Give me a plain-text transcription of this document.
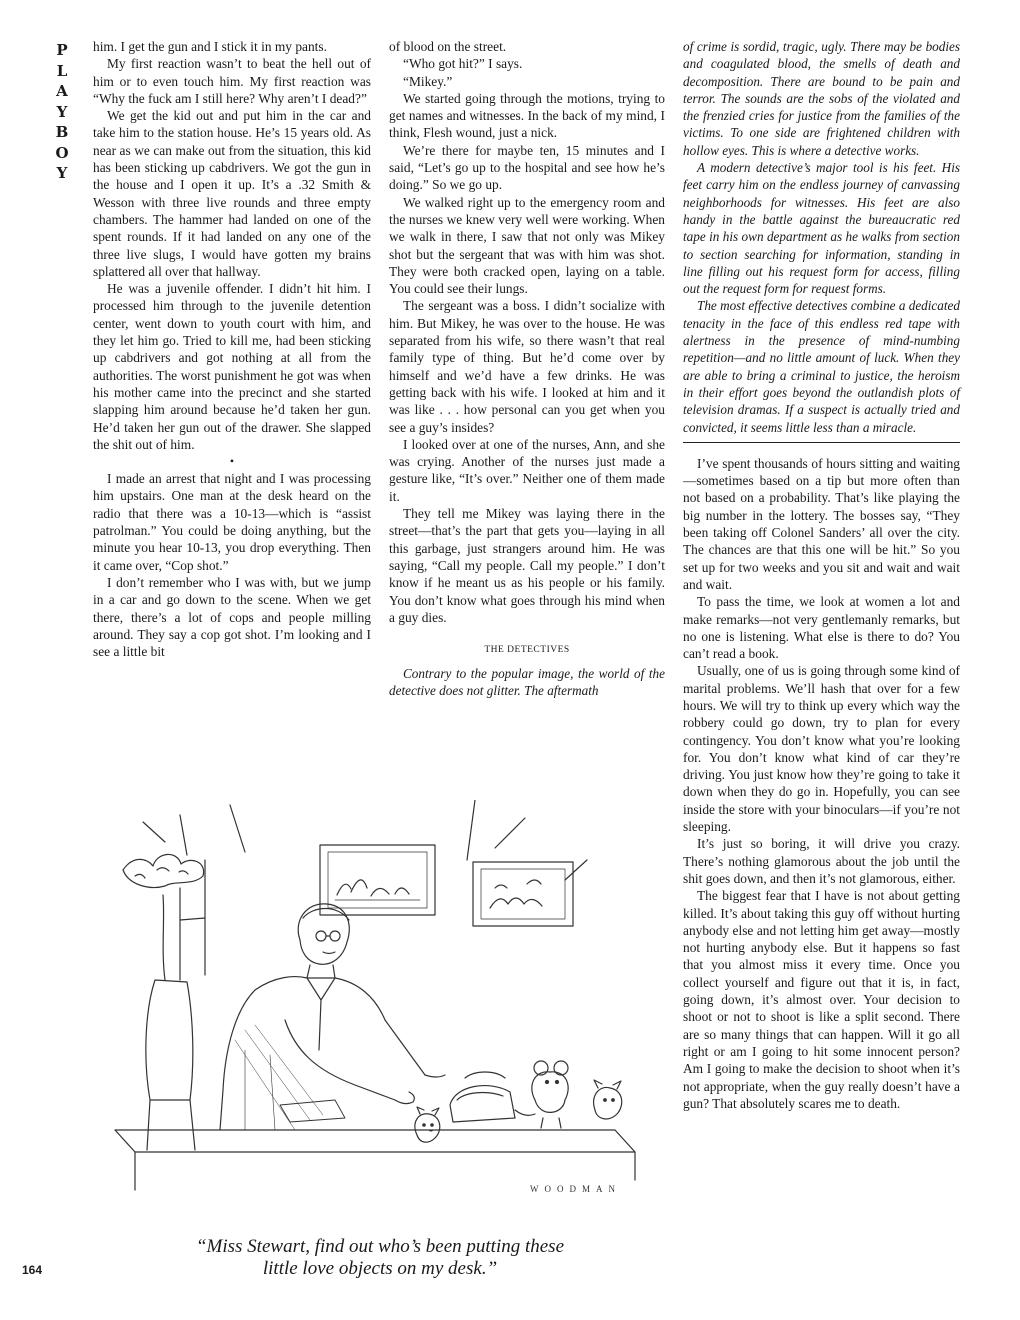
P
L
A
Y
B
O
Y

him. I get the gun and I stick it in my pants.

My first reaction wasn’t to beat the hell out of him or to even touch him. My first reaction was “Why the fuck am I still here? Why aren’t I dead?”

We get the kid out and put him in the car and take him to the station house. He’s 15 years old. As near as we can make out from the situation, this kid has been sticking up cabdrivers. We got the gun in the house and I open it up. It’s a .32 Smith & Wesson with three live rounds and three empty chambers. The hammer had landed on one of the spent rounds. If it had landed on any one of the three live slugs, I would have gotten my brains splattered all over that hallway.

He was a juvenile offender. I didn’t hit him. I processed him through to the juvenile detention center, went down to youth court with him, and they let him go. Tried to kill me, had been sticking up cabdrivers and got nothing at all from the authorities. The worst punishment he got was when his mother came into the precinct and she started slapping him around because he’d taken her gun. He’d taken her gun out of the drawer. She slapped the shit out of him.

•

I made an arrest that night and I was processing him upstairs. One man at the desk heard on the radio that there was a 10-13—which is “assist patrolman.” You could be doing anything, but the minute you hear 10-13, you drop everything. Then it came over, “Cop shot.”

I don’t remember who I was with, but we jump in a car and go down to the scene. When we get there, there’s a lot of cops and people milling around. They say a cop got shot. I’m looking and I see a little bit

of blood on the street.

“Who got hit?” I says.

“Mikey.”

We started going through the motions, trying to get names and witnesses. In the back of my mind, I think, Flesh wound, just a nick.

We’re there for maybe ten, 15 minutes and I said, “Let’s go up to the hospital and see how he’s doing.” So we go up.

We walked right up to the emergency room and the nurses we knew very well were working. When we walk in there, I saw that not only was Mikey shot but the sergeant that was with him was shot. They were both cracked open, laying on a table. You could see their lungs.

The sergeant was a boss. I didn’t socialize with him. But Mikey, he was over to the house. He was separated from his wife, so there wasn’t that real family type of thing. But he’d come over by himself and we’d have a few drinks. He was getting back with his wife. I looked at him and it was like . . . how personal can you get when you see a guy’s insides?

I looked over at one of the nurses, Ann, and she was crying. Another of the nurses just made a gesture like, “It’s over.” Neither one of them made it.

They tell me Mikey was laying there in the street—that’s the part that gets you—laying in all this garbage, just strangers around him. He was saying, “Call my people. Call my people.” I don’t know if he meant us as his people or his family. You don’t know what goes through his mind when a guy dies.

THE DETECTIVES

Contrary to the popular image, the world of the detective does not glitter. The aftermath

of crime is sordid, tragic, ugly. There may be bodies and coagulated blood, the smells of death and decomposition. There are bound to be pain and terror. The sounds are the sobs of the violated and the frenzied cries for justice from the families of the victims. To one side are frightened children with hollow eyes. This is where a detective works.

A modern detective’s major tool is his feet. His feet carry him on the endless journey of canvassing neighborhoods for witnesses. His feet are also handy in the battle against the bureaucratic red tape in his own department as he walks from section to section searching for information, standing in line filling out his request form for access, filling out the request form for request forms.

The most effective detectives combine a dedicated tenacity in the face of this endless red tape with alertness in the presence of mind-numbing repetition—and no little amount of luck. When they are able to bring a criminal to justice, the heroism in their effort goes beyond the outlandish plots of television dramas. If a suspect is actually tried and convicted, it seems little less than a miracle.

I’ve spent thousands of hours sitting and waiting—sometimes based on a tip but more often than not based on a probability. That’s like playing the big number in the lottery. The bosses say, “They been taking off Colonel Sanders’ all over the city. The chances are that this one will be hit.” So you set up for two weeks and you sit and wait and wait and wait.

To pass the time, we look at women a lot and make remarks—not very gentlemanly remarks, but no one is listening. What else is there to do? You can’t read a book.

Usually, one of us is going through some kind of marital problems. We’ll hash that over for a few hours. We will try to think up every which way the robbery could go down, try to plan for every contingency. You don’t know what you’re looking for. You don’t know what kind of car they’re driving. You just know how they’re going to take it down when they do go in. Hopefully, you can see inside the store with your binoculars—if you’re not sleeping.

It’s just so boring, it will drive you crazy. There’s nothing glamorous about the job until the shit goes down, and then it’s not glamorous, either.

The biggest fear that I have is not about getting killed. It’s about taking this guy off without hurting anybody else and not letting him get away—mostly not hurting anybody else. But it happens so fast that you almost miss it every time. Once you collect yourself and figure out that it is, in fact, going down, it’s almost over. Your decision to shoot or not to shoot is like a split second. There are so many things that can happen. Will it go all right or am I going to hit some innocent person? Am I going to make the decision to shoot when it’s not appropriate, when the guy really doesn’t have a gun? That absolutely scares me to death.

WOODMAN
“Miss Stewart, find out who’s been putting these
little love objects on my desk.”
164
